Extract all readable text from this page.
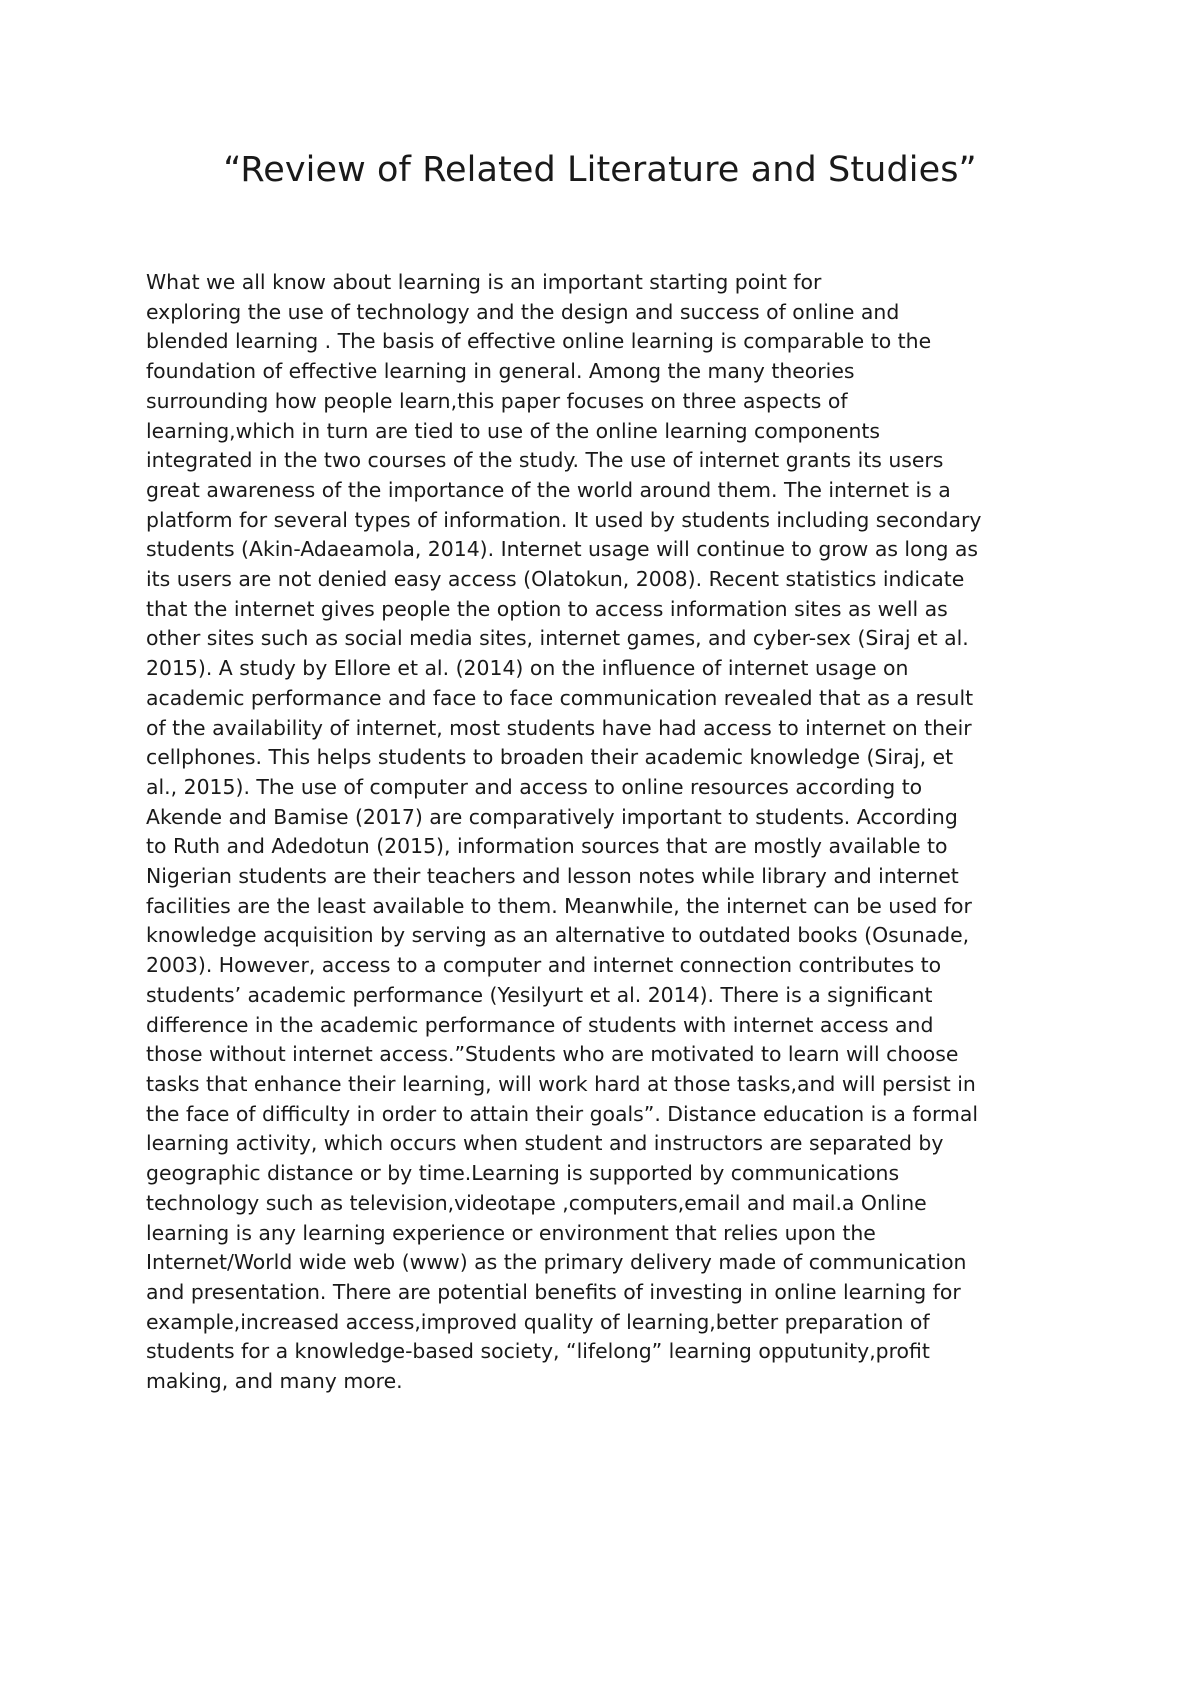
“Review of Related Literature and Studies”

What we all know about learning is an important starting point for
exploring the use of technology and the design and success of online and
blended learning . The basis of effective online learning is comparable to the
foundation of effective learning in general. Among the many theories
surrounding how people learn,this paper focuses on three aspects of
learning,which in turn are tied to use of the online learning components
integrated in the two courses of the study. The use of internet grants its users
great awareness of the importance of the world around them. The internet is a
platform for several types of information. It used by students including secondary
students (Akin-Adaeamola, 2014). Internet usage will continue to grow as long as
its users are not denied easy access (Olatokun, 2008). Recent statistics indicate
that the internet gives people the option to access information sites as well as
other sites such as social media sites, internet games, and cyber-sex (Siraj et al.
2015). A study by Ellore et al. (2014) on the influence of internet usage on
academic performance and face to face communication revealed that as a result
of the availability of internet, most students have had access to internet on their
cellphones. This helps students to broaden their academic knowledge (Siraj, et
al., 2015). The use of computer and access to online resources according to
Akende and Bamise (2017) are comparatively important to students. According
to Ruth and Adedotun (2015), information sources that are mostly available to
Nigerian students are their teachers and lesson notes while library and internet
facilities are the least available to them. Meanwhile, the internet can be used for
knowledge acquisition by serving as an alternative to outdated books (Osunade,
2003). However, access to a computer and internet connection contributes to
students’ academic performance (Yesilyurt et al. 2014). There is a significant
difference in the academic performance of students with internet access and
those without internet access.”Students who are motivated to learn will choose
tasks that enhance their learning, will work hard at those tasks,and will persist in
the face of difficulty in order to attain their goals”. Distance education is a formal
learning activity, which occurs when student and instructors are separated by
geographic distance or by time.Learning is supported by communications
technology such as television,videotape ,computers,email and mail.a Online
learning is any learning experience or environment that relies upon the
Internet/World wide web (www) as the primary delivery made of communication
and presentation. There are potential benefits of investing in online learning for
example,increased access,improved quality of learning,better preparation of
students for a knowledge-based society, “lifelong” learning opputunity,profit
making, and many more.
